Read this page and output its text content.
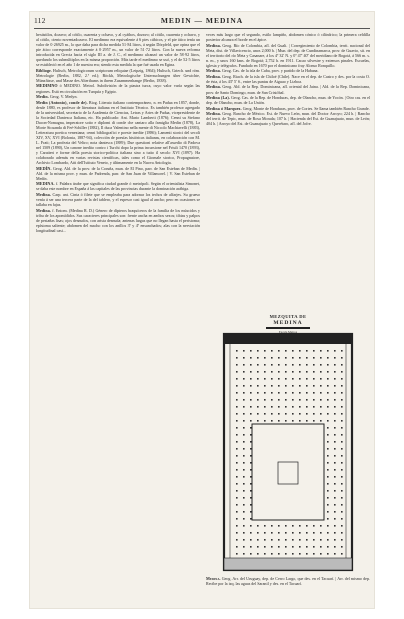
112	MEDIN — MEDINA

hexástilos, dozavo; al cótilo, cuarenta y ochavo, y al cyáthos, dozavo; al cótilo, cuarenta y ochavo, y al cótilo, ciento noventadozavo. El medimno era equivalente á 6 pies cúbicos, y el pie ático tenía un valor de 0·26925 m., lo que daba para dicha medida 51·84 litros, á según Dörpfeld, que opina que el pie ático corresponde exactamente á 0·2957 m., un valor de 51·72 litros. Con la nueva reforma introducida en Grecia hacia el siglo III a. de J. C., el medimno alcanzó un valor de 58·92 litros, quedando los submúltiplos en la misma proporción. Más tarde el medimno se usó, y el de 52·5 litros se estableció en el año 1 de nuestra era; siendo esta medida la que fué usada en Egina.

Bibliogr. Hultsch, Metrologicorum scriptorum reliquiae (Leipzig, 1864); Hultsch, Griech. und röm. Metrologie (Berlin, 1882, 2.ª ed.); Böckh, Metrologische Untersuchungen über Gewichte, Münzfüsse, und Masse des Alterthums in ihrem Zusammenhange (Berlin, 1838).

MEDIMNO ó MEDINO. Metrol. Subdivisión de la piastra turca, cuyo valor varía según las regiones. Está en circulación en Turquía y Egipto.

Medin. Geog. V. Medyn.

Medin (Antonio), conde de). Biog. Literato italiano contemporáneo, n. en Padua en 1857, donde, desde 1880, es profesor de literatura italiana en el Instituto Técnico. Es también profesor agregado de la universidad, secretario de la Academia de Ciencias, Letras y Artes de Padua, vicepresidente de la Sociedad Dantesca Italiana, etc. Ha publicado: Ant. Mario Lamberti (1876); Cenni su Stefano Dacon-Nomagna, imperatore sotto e diplomi di conde che cantaro alla famiglia Medin (1878), La Morte Sicuanda di Feé-Schiller (1882), Il duca Valentino nella mente di Niccolo Machiavelli (1883), Letteratura poetica veneziana; cenni bibliografici e poesie inedite (1886); Lamenti storici del secoli XIV, XV, XVI (Bolonia, 1887-94), colección de poesías históricas italianas, en colaboración con M. L. Frati; La profezia del Veltro; nota dantesca (1889); Due questioni relative all'assedio di Padova nel 1509 (1890), Un canone inedito contro i Turchi dopo la prima incursione nel Friuli 1470 (1893), y Caratteri e forme della poesia storico-politica italiana sino a tutto il secolo XVI (1897). Ha colaborado además en varias revistas científicas, tales como el Giornale storico, Propugnatore, Archivio Lombardo, Atti dell'Istituto Veneto, y últimamente en la Nuova Antologia.

MEDÍN. Geog. Ald. de la prov. de la Coruña, mun. de El Pino, parr. de San Esteban de Medín. | Ald. de la misma prov. y mun. de Padrenda, parr. de San Juan de Villamorel. | V. San Esteban de Medín.

MEDINA. f. Palabra árabe que significa ciudad grande ó metrópoli. Según el orientalista Simonet, se daba este nombre en España á las capitales de las provincias durante la dominación arábiga.

Medina. Carp. ant. Cinta ó filete que se empleaba para adornar los techos de alfarjes. Su grueso venía á ser una tercera parte de la del tablero, y el espesor casi igual al ancho; pero en ocasiones se tallaba en fajas.

Medina. f. Entom. (Medina R. D.) Género de dípteros braquíceros de la familia de los múscidos y tribu de los apomídidos. Sus caracteres principales son: frente ancha en ambos sexos; tibias y palpos de pestañas lisas; ojos desnudos, con arista desnuda; antenas largas que no llegan hasta el peristoma; epístoma saliente; abdomen del macho con los anillos 3º y 4º ensanchados; alas con la nerviación longitudinal casi...

veces más largo que el segundo, estilo lampiño, abdomen cónico ó cilíndrico; la primera celdilla posterior alcanza el borde en el ápice.

Medina. Geog. Río de Colombia, afl. del Guali. | Corregimiento de Colombia, territ. nacional del Meta, dist. de Villavicencio, unos 2,000 h. | Mun. del dep. de Cundinamarca, prov. de Guavio, sit. en el territorio del río Meta y Casanare, á los 4º 32' N. y 0º 47' 40'' del meridiano de Bogotá, á 566 m. s. n. m., y unos 160 kms. de Bogotá; 2,752 h. en 1911. Cacao silvestre y extensos pinales. Escuelas, iglesia y telégrafos. Fundado en 1670 por el dominicano fray Alonso Ronquillo.

Medina. Geog. Cas. de la isla de Cuba, prov. y partido de la Habana.

Medina. Geog. Riach. de la isla de Chiloé (Chile). Nace en el dep. de Castro y des. por la costa O. de ésta, á los 43º 5' S., entre las puntas de Aiguao y Lizboa.

Medina. Geog. Ald. de la Rep. Dominicana, afl. oriental del Jaina. | Ald. de la Rep. Dominicana, prov. de Santo Domingo, mun. de San Cristóbal.

Medina (La). Geog. Cas. de la Rep. de Honduras, dep. de Olancho, mun. de Yocón. | Otro cas. en el dep. de Olancho, mun. de La Unión.

Medina ó Marquez. Geog. Monte de Honduras, prov. de Cortes. Se llama también Rancho Grande.

Medina. Geog. Rancho de México. Est. de Nuevo León, mun. del Doctor Arroyo; 224 h. | Rancho del territ. de Tepic, mun. de Rosa Morada; 107 h. | Hacienda del Est. de Guanajuato, mun. de León; 404 h. | Arroyo del Est. de Guanajuato y Querétaro, afl. del Jofre.

MEZQUITA DE
MEDINA
Escala Metros
Medina. Geog. Arr. del Uruguay, dep. de Cerro Largo, que des. en el Tacuarí. | Arr. del mismo dep. Recibe por la izq. las aguas del Saranil y des. en el Tacuarí.
